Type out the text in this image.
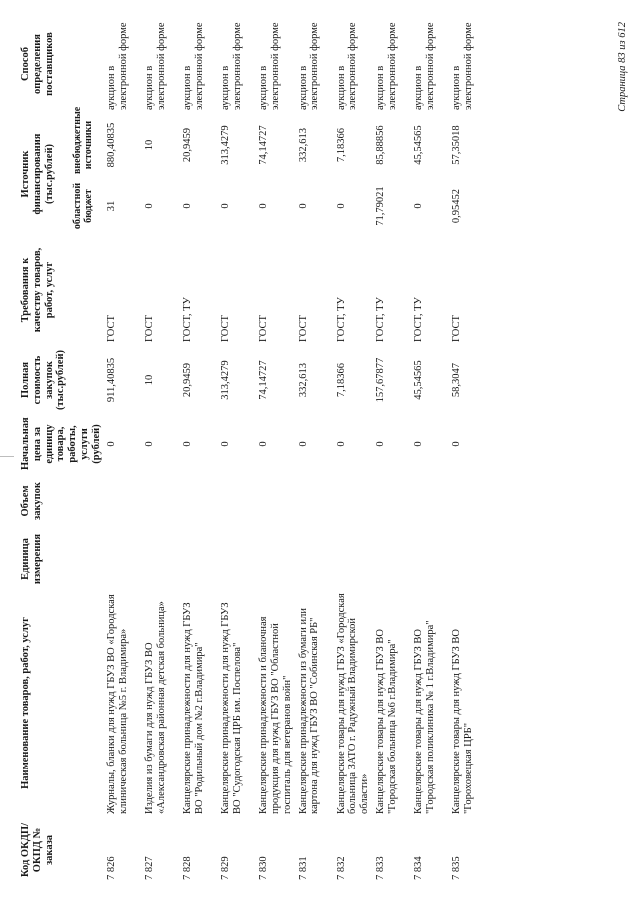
Код ОКДП/ ОКПД № заказа	Наименование товаров, работ, услуг	Единица измерения	Объем закупок	Начальная цена за единицу товара, работы, услуги (рублей)	Полная стоимость закупок (тыс.рублей)	Требования к качеству товаров, работ, услуг	Источник финансирования (тыс.рублей)		Способ определения поставщиков
							областной бюджет	внебюджетные источники	
7 826	Журналы, бланки для нужд ГБУЗ ВО «Городская клиническая больница №5 г. Владимира»			0	911,40835	ГОСТ	31	880,40835	аукцион в электронной форме
7 827	Изделия из бумаги для нужд ГБУЗ ВО «Александровская районная детская больница»			0	10	ГОСТ	0	10	аукцион в электронной форме
7 828	Канцелярские принадлежности для нужд ГБУЗ ВО "Родильный дом №2 г.Владимира"			0	20,9459	ГОСТ, ТУ	0	20,9459	аукцион в электронной форме
7 829	Канцелярские принадлежности для нужд ГБУЗ ВО "Судогодская ЦРБ им. Поспелова"			0	313,4279	ГОСТ	0	313,4279	аукцион в электронной форме
7 830	Канцелярские принадлежности и бланочная продукция для нужд ГБУЗ ВО "Областной госпиталь для ветеранов войн"			0	74,14727	ГОСТ	0	74,14727	аукцион в электронной форме
7 831	Канцелярские принадлежности из бумаги или картона для нужд ГБУЗ ВО "Собинская РБ"			0	332,613	ГОСТ	0	332,613	аукцион в электронной форме
7 832	Канцелярские товары для нужд ГБУЗ «Городская больница ЗАТО г. Радужный Владимирской области»			0	7,18366	ГОСТ, ТУ	0	7,18366	аукцион в электронной форме
7 833	Канцелярские товары для нужд ГБУЗ ВО "Городская больница №6 г.Владимира"			0	157,67877	ГОСТ, ТУ	71,79021	85,88856	аукцион в электронной форме
7 834	Канцелярские товары для нужд ГБУЗ ВО "Городская поликлиника № 1 г.Владимира"			0	45,54565	ГОСТ, ТУ	0	45,54565	аукцион в электронной форме
7 835	Канцелярские товары для нужд ГБУЗ ВО "Гороховецкая ЦРБ"			0	58,3047	ГОСТ	0,95452	57,35018	аукцион в электронной форме	Страница 83 из 612
